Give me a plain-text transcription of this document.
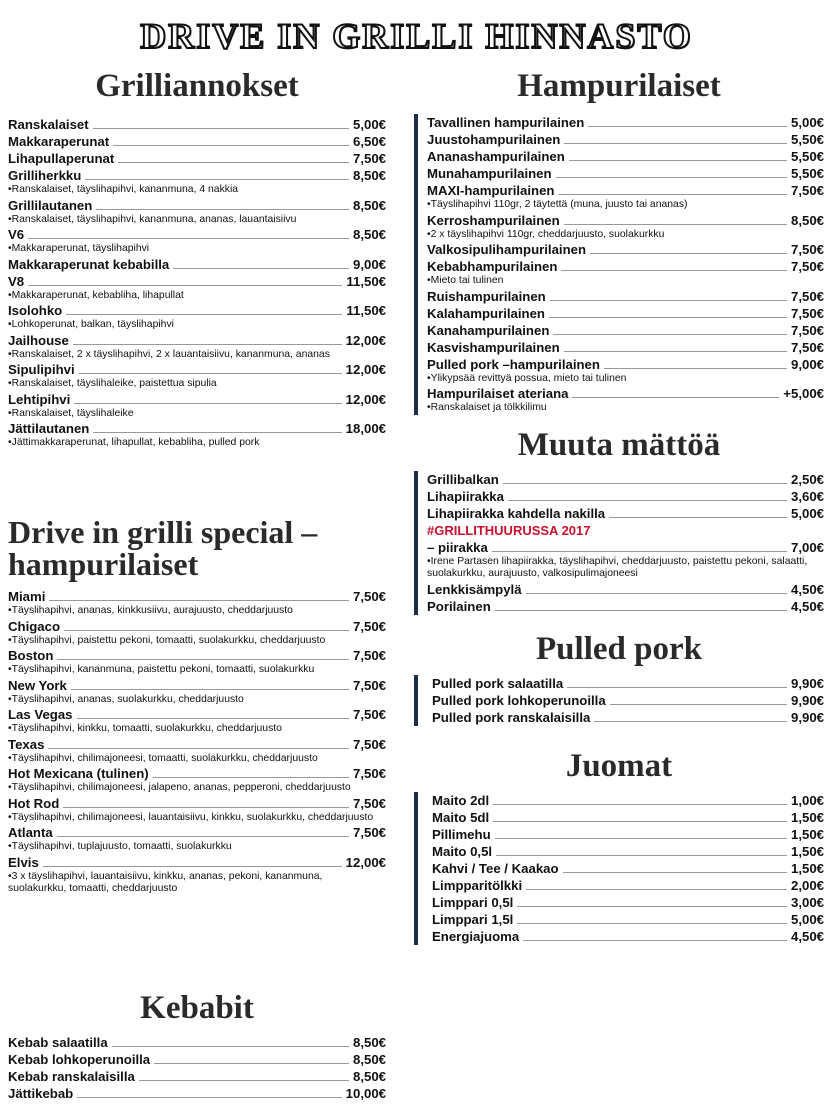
DRIVE IN GRILLI HINNASTO
Grilliannokset
Ranskalaiset	5,00€
Makkaraperunat	6,50€
Lihapullaperunat	7,50€
Grilliherkku	8,50€
•Ranskalaiset, täyslihapihvi, kananmuna, 4 nakkia
Grillilautanen	8,50€
•Ranskalaiset, täyslihapihvi, kananmuna, ananas, lauantaisiivu
V6	8,50€
•Makkaraperunat, täyslihapihvi
Makkaraperunat kebabilla	9,00€
V8	11,50€
•Makkaraperunat, kebabliha, lihapullat
Isolohko	11,50€
•Lohkoperunat, balkan, täyslihapihvi
Jailhouse	12,00€
•Ranskalaiset, 2 x täyslihapihvi, 2 x lauantaisiivu, kananmuna, ananas
Sipulipihvi	12,00€
•Ranskalaiset, täyslihaleike, paistettua sipulia
Lehtipihvi	12,00€
•Ranskalaiset, täyslihaleike
Jättilautanen	18,00€
•Jättimakkaraperunat, lihapullat, kebabliha, pulled pork
Drive in grilli special – hampurilaiset
Miami	7,50€
•Täyslihapihvi, ananas, kinkkusiivu, aurajuusto, cheddarjuusto
Chigaco	7,50€
•Täyslihapihvi, paistettu pekoni, tomaatti, suolakurkku, cheddarjuusto
Boston	7,50€
•Täyslihapihvi, kananmuna, paistettu pekoni, tomaatti, suolakurkku
New York	7,50€
•Täyslihapihvi, ananas, suolakurkku, cheddarjuusto
Las Vegas	7,50€
•Täyslihapihvi, kinkku, tomaatti, suolakurkku, cheddarjuusto
Texas	7,50€
•Täyslihapihvi, chilimajoneesi, tomaatti, suolakurkku, cheddarjuusto
Hot Mexicana (tulinen)	7,50€
•Täyslihapihvi, chilimajoneesi, jalapeno, ananas, pepperoni, cheddarjuusto
Hot Rod	7,50€
•Täyslihapihvi, chilimajoneesi, lauantaisiivu, kinkku, suolakurkku, cheddarjuusto
Atlanta	7,50€
•Täyslihapihvi, tuplajuusto, tomaatti, suolakurkku
Elvis	12,00€
•3 x täyslihapihvi, lauantaisiivu, kinkku, ananas, pekoni, kananmuna, suolakurkku, tomaatti, cheddarjuusto
Kebabit
Kebab salaatilla	8,50€
Kebab lohkoperunoilla	8,50€
Kebab ranskalaisilla	8,50€
Jättikebab	10,00€
Hampurilaiset
Tavallinen hampurilainen	5,00€
Juustohampurilainen	5,50€
Ananashampurilainen	5,50€
Munahampurilainen	5,50€
MAXI-hampurilainen	7,50€
•Täyslihapihvi 110gr, 2 täytettä (muna, juusto tai ananas)
Kerroshampurilainen	8,50€
•2 x täyslihapihvi 110gr, cheddarjuusto, suolakurkku
Valkosipulihampurilainen	7,50€
Kebabhampurilainen	7,50€
•Mieto tai tulinen
Ruishampurilainen	7,50€
Kalahampurilainen	7,50€
Kanahampurilainen	7,50€
Kasvishampurilainen	7,50€
Pulled pork –hampurilainen	9,00€
•Ylikypsää revittyä possua, mieto tai tulinen
Hampurilaiset ateriana	+5,00€
•Ranskalaiset ja tölkkilimu
Muuta mättöä
Grillibalkan	2,50€
Lihapiirakka	3,60€
Lihapiirakka kahdella nakilla	5,00€
#GRILLITHUURUSSA 2017
– piirakka	7,00€
•Irene Partasen lihapiirakka, täyslihapihvi, cheddarjuusto, paistettu pekoni, salaatti, suolakurkku, aurajuusto, valkosipulimajoneesi
Lenkkisämpylä	4,50€
Porilainen	4,50€
Pulled pork
Pulled pork salaatilla	9,90€
Pulled pork lohkoperunoilla	9,90€
Pulled pork ranskalaisilla	9,90€
Juomat
Maito 2dl	1,00€
Maito 5dl	1,50€
Pillimehu	1,50€
Maito 0,5l	1,50€
Kahvi / Tee / Kaakao	1,50€
Limpparitölkki	2,00€
Limppari 0,5l	3,00€
Limppari 1,5l	5,00€
Energiajuoma	4,50€
